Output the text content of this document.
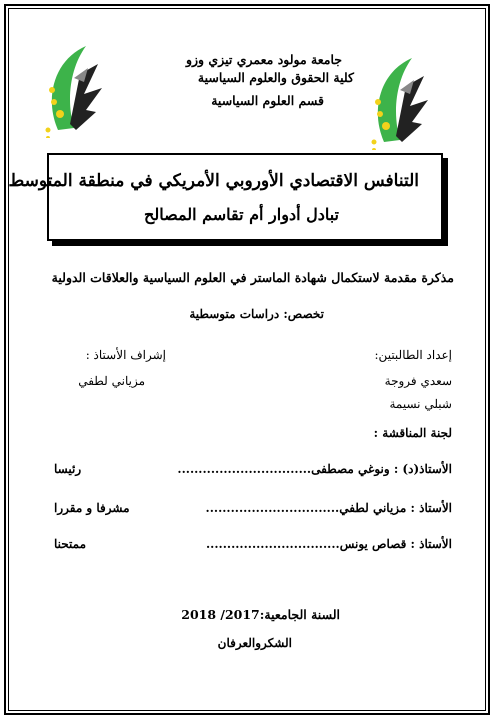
جامعة مولود معمري تيزي وزو
كلية الحقوق والعلوم السياسية
قسم العلوم السياسية
التنافس الاقتصادي الأوروبي الأمريكي في منطقة المتوسط
تبادل أدوار أم تقاسم المصالح
مذكرة مقدمة لاستكمال شهادة الماستر في العلوم السياسية والعلاقات الدولية
تخصص: دراسات متوسطية
إعداد الطالبتين:
سعدي فروجة
شبلي نسيمة
إشراف الأستاذ :
مزياني لطفي
لجنة المناقشة :
الأستاذ(د) : ونوغي مصطفى................................
رئيسا
الأستاذ : مزياني لطفي................................
مشرفا و مقررا
الأستاذ : قصاص يونس................................
ممتحنا
السنة الجامعية:2017/ 2018
الشكروالعرفان
